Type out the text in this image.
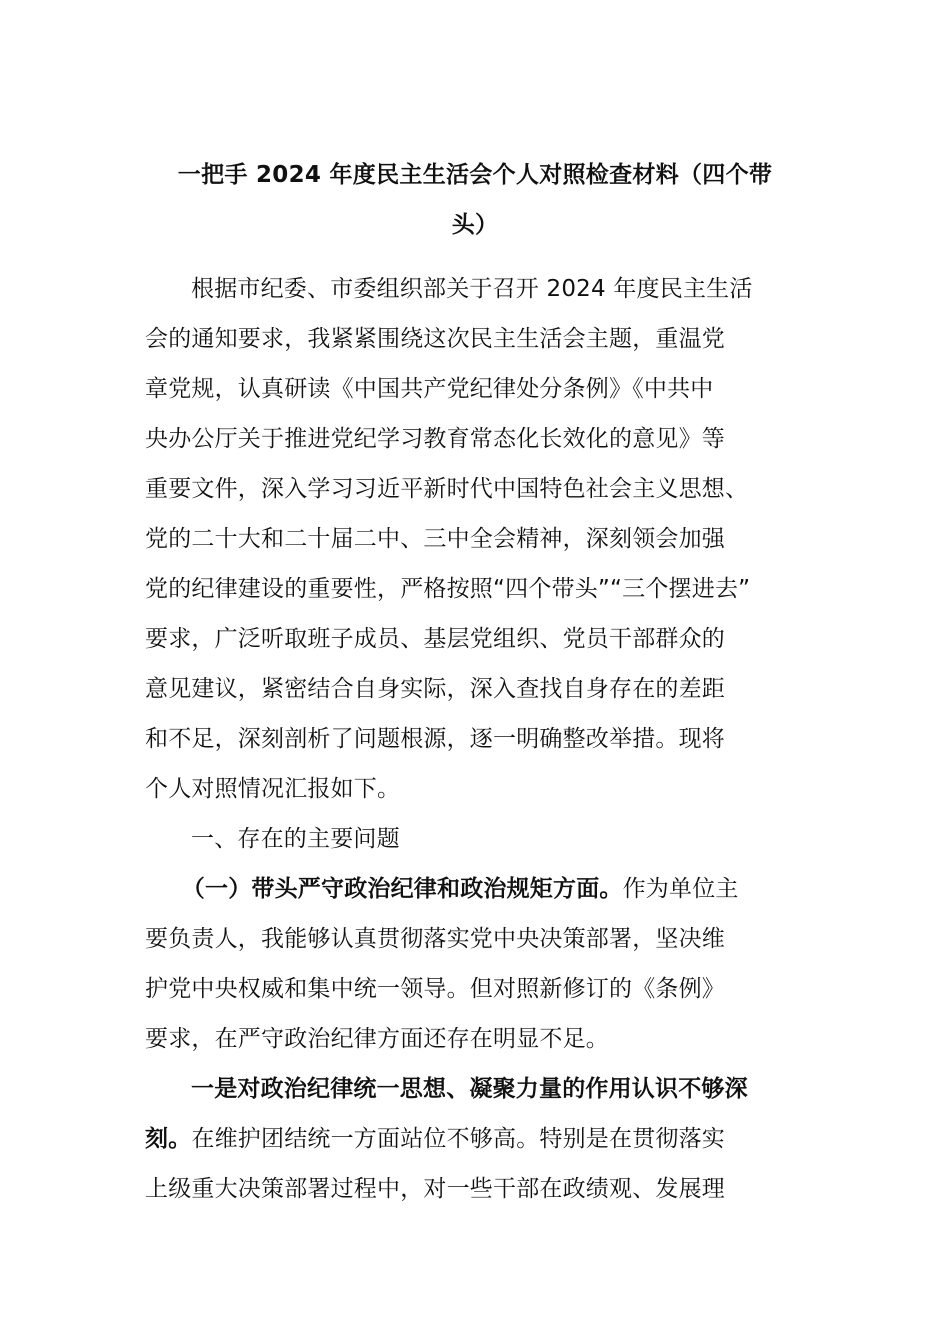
一把手 2024 年度民主生活会个人对照检查材料（四个带
头）

根据市纪委、市委组织部关于召开 2024 年度民主生活
会的通知要求，我紧紧围绕这次民主生活会主题，重温党
章党规，认真研读《中国共产党纪律处分条例》《中共中
央办公厅关于推进党纪学习教育常态化长效化的意见》等
重要文件，深入学习习近平新时代中国特色社会主义思想、
党的二十大和二十届二中、三中全会精神，深刻领会加强
党的纪律建设的重要性，严格按照“四个带头”“三个摆进去”
要求，广泛听取班子成员、基层党组织、党员干部群众的
意见建议，紧密结合自身实际，深入查找自身存在的差距
和不足，深刻剖析了问题根源，逐一明确整改举措。现将
个人对照情况汇报如下。

一、存在的主要问题

（一）带头严守政治纪律和政治规矩方面。作为单位主
要负责人，我能够认真贯彻落实党中央决策部署，坚决维
护党中央权威和集中统一领导。但对照新修订的《条例》
要求，在严守政治纪律方面还存在明显不足。

一是对政治纪律统一思想、凝聚力量的作用认识不够深
刻。在维护团结统一方面站位不够高。特别是在贯彻落实
上级重大决策部署过程中，对一些干部在政绩观、发展理
